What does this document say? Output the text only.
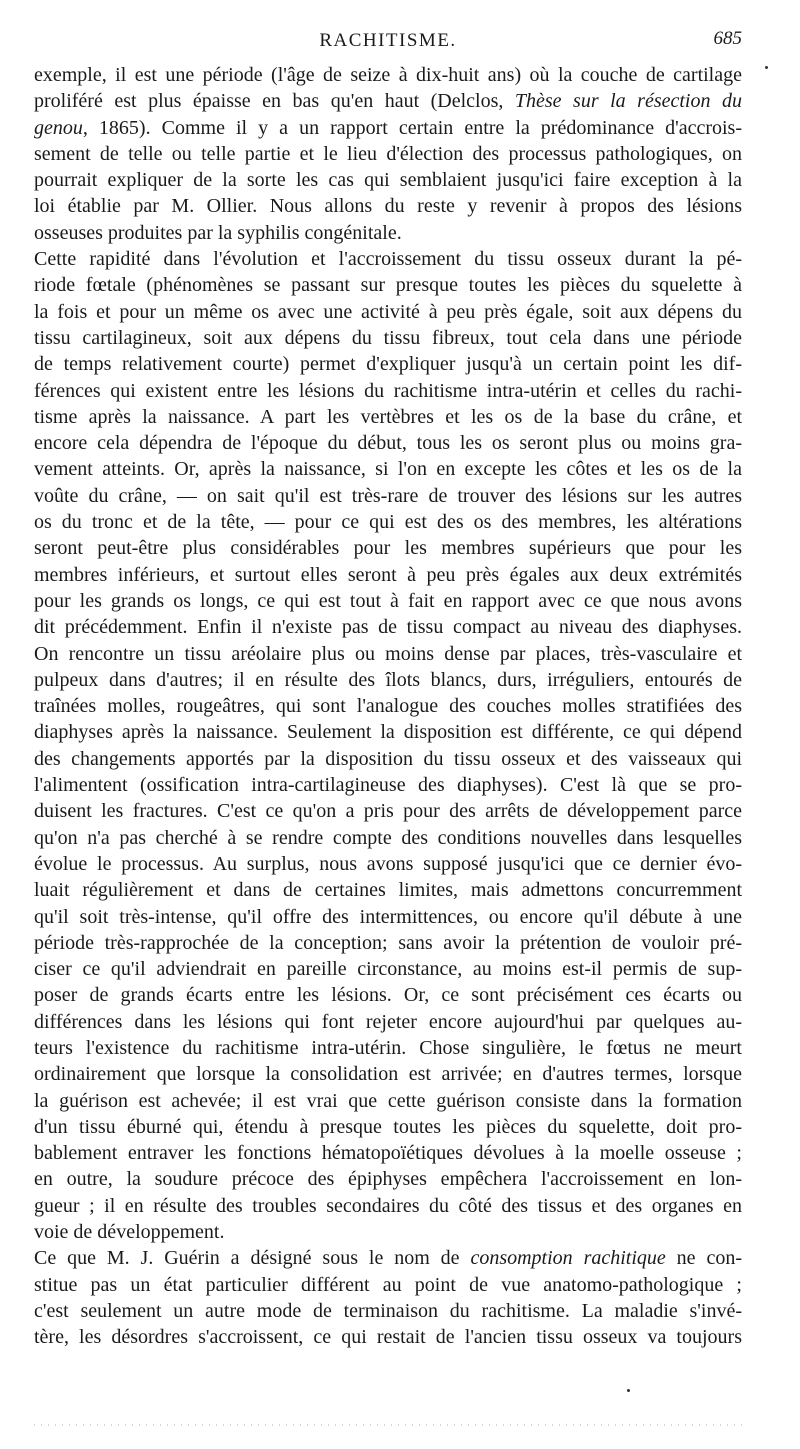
RACHITISME.	685
exemple, il est une période (l'âge de seize à dix-huit ans) où la couche de cartilage
proliféré est plus épaisse en bas qu'en haut (Delclos, Thèse sur la résection du
genou, 1865). Comme il y a un rapport certain entre la prédominance d'accrois-
sement de telle ou telle partie et le lieu d'élection des processus pathologiques, on
pourrait expliquer de la sorte les cas qui semblaient jusqu'ici faire exception à la
loi établie par M. Ollier. Nous allons du reste y revenir à propos des lésions
osseuses produites par la syphilis congénitale.
Cette rapidité dans l'évolution et l'accroissement du tissu osseux durant la pé-
riode fœtale (phénomènes se passant sur presque toutes les pièces du squelette à
la fois et pour un même os avec une activité à peu près égale, soit aux dépens du
tissu cartilagineux, soit aux dépens du tissu fibreux, tout cela dans une période
de temps relativement courte) permet d'expliquer jusqu'à un certain point les dif-
férences qui existent entre les lésions du rachitisme intra-utérin et celles du rachi-
tisme après la naissance. A part les vertèbres et les os de la base du crâne, et
encore cela dépendra de l'époque du début, tous les os seront plus ou moins gra-
vement atteints. Or, après la naissance, si l'on en excepte les côtes et les os de la
voûte du crâne, — on sait qu'il est très-rare de trouver des lésions sur les autres
os du tronc et de la tête, — pour ce qui est des os des membres, les altérations
seront peut-être plus considérables pour les membres supérieurs que pour les
membres inférieurs, et surtout elles seront à peu près égales aux deux extrémités
pour les grands os longs, ce qui est tout à fait en rapport avec ce que nous avons
dit précédemment. Enfin il n'existe pas de tissu compact au niveau des diaphyses.
On rencontre un tissu aréolaire plus ou moins dense par places, très-vasculaire et
pulpeux dans d'autres; il en résulte des îlots blancs, durs, irréguliers, entourés de
traînées molles, rougeâtres, qui sont l'analogue des couches molles stratifiées des
diaphyses après la naissance. Seulement la disposition est différente, ce qui dépend
des changements apportés par la disposition du tissu osseux et des vaisseaux qui
l'alimentent (ossification intra-cartilagineuse des diaphyses). C'est là que se pro-
duisent les fractures. C'est ce qu'on a pris pour des arrêts de développement parce
qu'on n'a pas cherché à se rendre compte des conditions nouvelles dans lesquelles
évolue le processus. Au surplus, nous avons supposé jusqu'ici que ce dernier évo-
luait régulièrement et dans de certaines limites, mais admettons concurremment
qu'il soit très-intense, qu'il offre des intermittences, ou encore qu'il débute à une
période très-rapprochée de la conception; sans avoir la prétention de vouloir pré-
ciser ce qu'il adviendrait en pareille circonstance, au moins est-il permis de sup-
poser de grands écarts entre les lésions. Or, ce sont précisément ces écarts ou
différences dans les lésions qui font rejeter encore aujourd'hui par quelques au-
teurs l'existence du rachitisme intra-utérin. Chose singulière, le fœtus ne meurt
ordinairement que lorsque la consolidation est arrivée; en d'autres termes, lorsque
la guérison est achevée; il est vrai que cette guérison consiste dans la formation
d'un tissu éburné qui, étendu à presque toutes les pièces du squelette, doit pro-
bablement entraver les fonctions hématopoïétiques dévolues à la moelle osseuse ;
en outre, la soudure précoce des épiphyses empêchera l'accroissement en lon-
gueur ; il en résulte des troubles secondaires du côté des tissus et des organes en
voie de développement.
Ce que M. J. Guérin a désigné sous le nom de consomption rachitique ne con-
stitue pas un état particulier différent au point de vue anatomo-pathologique ;
c'est seulement un autre mode de terminaison du rachitisme. La maladie s'invé-
tère, les désordres s'accroissent, ce qui restait de l'ancien tissu osseux va toujours
